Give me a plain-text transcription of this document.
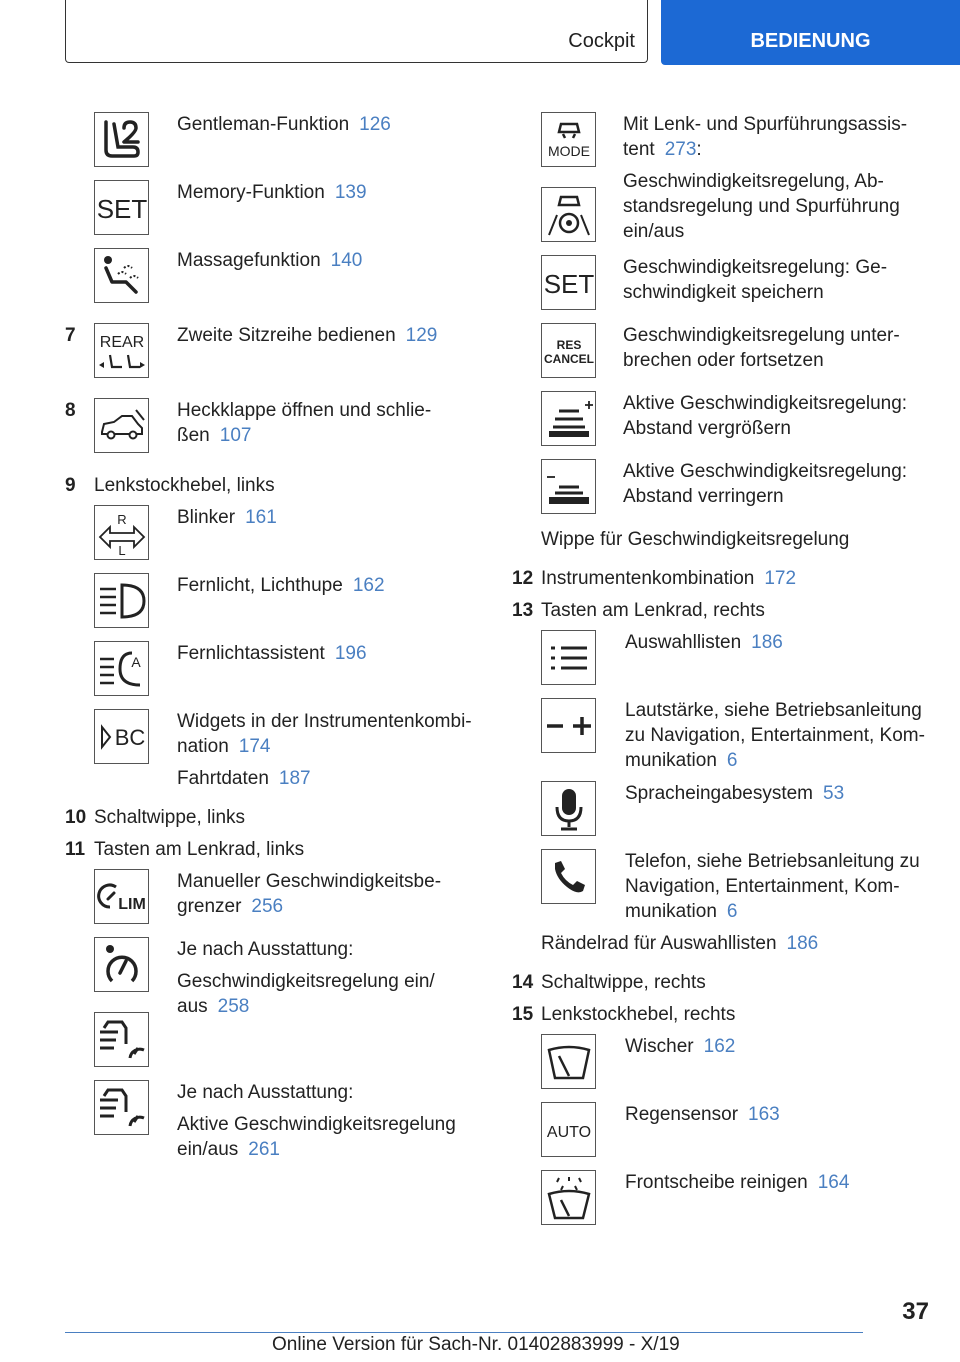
Cockpit	BEDIENUNG
Gentleman-Funktion 126
SET
Memory-Funktion 139
Massagefunktion 140
7 REAR Zweite Sitzreihe bedienen 129
8	Heckklappe öffnen und schlie-
ßen 107
9 Lenkstockhebel, links
R
L
Blinker 161
Fernlicht, Lichthupe 162
A Fernlichtassistent 196
BC
Widgets in der Instrumentenkombi-
nation 174
Fahrtdaten 187
10 Schaltwippe, links
11 Tasten am Lenkrad, links
LIM
Manueller Geschwindigkeitsbe-
grenzer 256
Je nach Ausstattung:
Geschwindigkeitsregelung ein/
aus 258
Je nach Ausstattung:
Aktive Geschwindigkeitsregelung
ein/aus 261
MODE
Mit Lenk- und Spurführungsassis-
tent 273:
Geschwindigkeitsregelung, Ab-
standsregelung und Spurführung
ein/aus
SET
Geschwindigkeitsregelung: Ge-
schwindigkeit speichern
RES
CANCEL
Geschwindigkeitsregelung unter-
brechen oder fortsetzen
Aktive Geschwindigkeitsregelung:
Abstand vergrößern
Aktive Geschwindigkeitsregelung:
Abstand verringern
Wippe für Geschwindigkeitsregelung
12 Instrumentenkombination 172
13 Tasten am Lenkrad, rechts
Auswahllisten 186
Lautstärke, siehe Betriebsanleitung
zu Navigation, Entertainment, Kom-
munikation 6
Spracheingabesystem 53
Telefon, siehe Betriebsanleitung zu
Navigation, Entertainment, Kom-
munikation 6
Rändelrad für Auswahllisten 186
14 Schaltwippe, rechts
15 Lenkstockhebel, rechts
Wischer 162
AUTO
Regensensor 163
Frontscheibe reinigen 164
37
Online Version für Sach-Nr. 01402883999 - X/19
